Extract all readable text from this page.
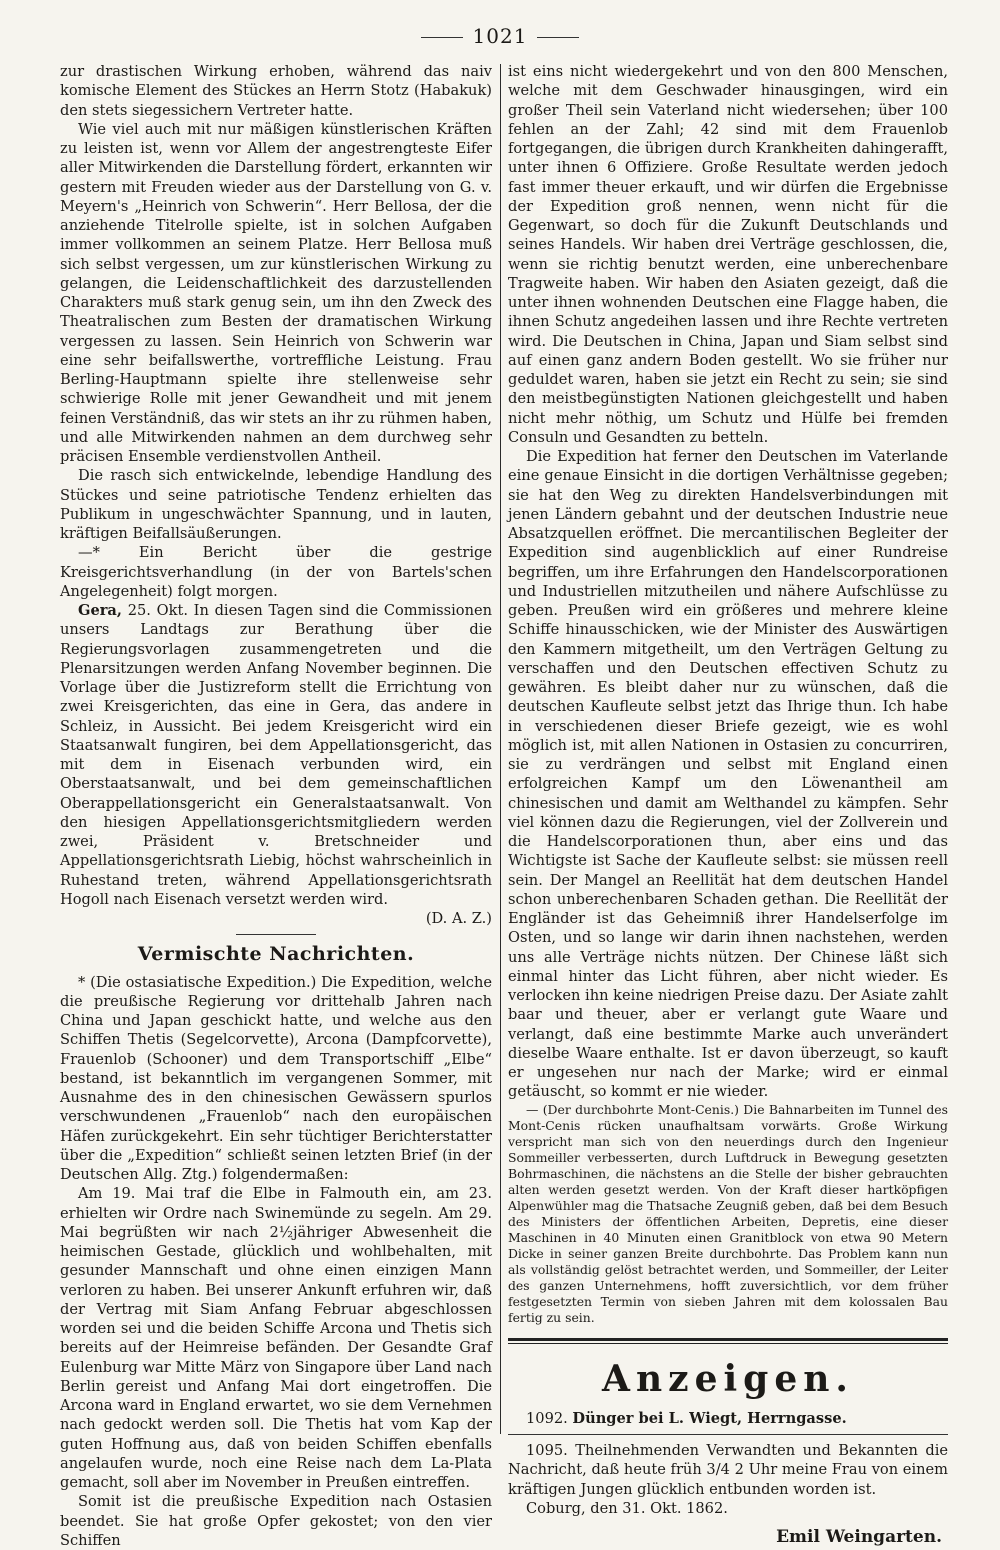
1021

zur drastischen Wirkung erhoben, während das naiv komische Element des Stückes an Herrn Stotz (Habakuk) den stets siegessichern Vertreter hatte.

Wie viel auch mit nur mäßigen künstlerischen Kräften zu leisten ist, wenn vor Allem der angestrengteste Eifer aller Mitwirkenden die Darstellung fördert, erkannten wir gestern mit Freuden wieder aus der Darstellung von G. v. Meyern's „Heinrich von Schwerin“. Herr Bellosa, der die anziehende Titelrolle spielte, ist in solchen Aufgaben immer vollkommen an seinem Platze. Herr Bellosa muß sich selbst vergessen, um zur künstlerischen Wirkung zu gelangen, die Leidenschaftlichkeit des darzustellenden Charakters muß stark genug sein, um ihn den Zweck des Theatralischen zum Besten der dramatischen Wirkung vergessen zu lassen. Sein Heinrich von Schwerin war eine sehr beifallswerthe, vortreffliche Leistung. Frau Berling-Hauptmann spielte ihre stellenweise sehr schwierige Rolle mit jener Gewandheit und mit jenem feinen Verständniß, das wir stets an ihr zu rühmen haben, und alle Mitwirkenden nahmen an dem durchweg sehr präcisen Ensemble verdienstvollen Antheil.

Die rasch sich entwickelnde, lebendige Handlung des Stückes und seine patriotische Tendenz erhielten das Publikum in ungeschwächter Spannung, und in lauten, kräftigen Beifallsäußerungen.

—* Ein Bericht über die gestrige Kreisgerichtsverhandlung (in der von Bartels'schen Angelegenheit) folgt morgen.

Gera, 25. Okt. In diesen Tagen sind die Commissionen unsers Landtags zur Berathung über die Regierungsvorlagen zusammengetreten und die Plenarsitzungen werden Anfang November beginnen. Die Vorlage über die Justizreform stellt die Errichtung von zwei Kreisgerichten, das eine in Gera, das andere in Schleiz, in Aussicht. Bei jedem Kreisgericht wird ein Staatsanwalt fungiren, bei dem Appellationsgericht, das mit dem in Eisenach verbunden wird, ein Oberstaatsanwalt, und bei dem gemeinschaftlichen Oberappellationsgericht ein Generalstaatsanwalt. Von den hiesigen Appellationsgerichtsmitgliedern werden zwei, Präsident v. Bretschneider und Appellationsgerichtsrath Liebig, höchst wahrscheinlich in Ruhestand treten, während Appellationsgerichtsrath Hogoll nach Eisenach versetzt werden wird.

(D. A. Z.)

Vermischte Nachrichten.

* (Die ostasiatische Expedition.) Die Expedition, welche die preußische Regierung vor drittehalb Jahren nach China und Japan geschickt hatte, und welche aus den Schiffen Thetis (Segelcorvette), Arcona (Dampfcorvette), Frauenlob (Schooner) und dem Transportschiff „Elbe“ bestand, ist bekanntlich im vergangenen Sommer, mit Ausnahme des in den chinesischen Gewässern spurlos verschwundenen „Frauenlob“ nach den europäischen Häfen zurückgekehrt. Ein sehr tüchtiger Berichterstatter über die „Expedition“ schließt seinen letzten Brief (in der Deutschen Allg. Ztg.) folgendermaßen:

Am 19. Mai traf die Elbe in Falmouth ein, am 23. erhielten wir Ordre nach Swinemünde zu segeln. Am 29. Mai begrüßten wir nach 2½jähriger Abwesenheit die heimischen Gestade, glücklich und wohlbehalten, mit gesunder Mannschaft und ohne einen einzigen Mann verloren zu haben. Bei unserer Ankunft erfuhren wir, daß der Vertrag mit Siam Anfang Februar abgeschlossen worden sei und die beiden Schiffe Arcona und Thetis sich bereits auf der Heimreise befänden. Der Gesandte Graf Eulenburg war Mitte März von Singapore über Land nach Berlin gereist und Anfang Mai dort eingetroffen. Die Arcona ward in England erwartet, wo sie dem Vernehmen nach gedockt werden soll. Die Thetis hat vom Kap der guten Hoffnung aus, daß von beiden Schiffen ebenfalls angelaufen wurde, noch eine Reise nach dem La-Plata gemacht, soll aber im November in Preußen eintreffen.

Somit ist die preußische Expedition nach Ostasien beendet. Sie hat große Opfer gekostet; von den vier Schiffen

ist eins nicht wiedergekehrt und von den 800 Menschen, welche mit dem Geschwader hinausgingen, wird ein großer Theil sein Vaterland nicht wiedersehen; über 100 fehlen an der Zahl; 42 sind mit dem Frauenlob fortgegangen, die übrigen durch Krankheiten dahingerafft, unter ihnen 6 Offiziere. Große Resultate werden jedoch fast immer theuer erkauft, und wir dürfen die Ergebnisse der Expedition groß nennen, wenn nicht für die Gegenwart, so doch für die Zukunft Deutschlands und seines Handels. Wir haben drei Verträge geschlossen, die, wenn sie richtig benutzt werden, eine unberechenbare Tragweite haben. Wir haben den Asiaten gezeigt, daß die unter ihnen wohnenden Deutschen eine Flagge haben, die ihnen Schutz angedeihen lassen und ihre Rechte vertreten wird. Die Deutschen in China, Japan und Siam selbst sind auf einen ganz andern Boden gestellt. Wo sie früher nur geduldet waren, haben sie jetzt ein Recht zu sein; sie sind den meistbegünstigten Nationen gleichgestellt und haben nicht mehr nöthig, um Schutz und Hülfe bei fremden Consuln und Gesandten zu betteln.

Die Expedition hat ferner den Deutschen im Vaterlande eine genaue Einsicht in die dortigen Verhältnisse gegeben; sie hat den Weg zu direkten Handelsverbindungen mit jenen Ländern gebahnt und der deutschen Industrie neue Absatzquellen eröffnet. Die mercantilischen Begleiter der Expedition sind augenblicklich auf einer Rundreise begriffen, um ihre Erfahrungen den Handelscorporationen und Industriellen mitzutheilen und nähere Aufschlüsse zu geben. Preußen wird ein größeres und mehrere kleine Schiffe hinausschicken, wie der Minister des Auswärtigen den Kammern mitgetheilt, um den Verträgen Geltung zu verschaffen und den Deutschen effectiven Schutz zu gewähren. Es bleibt daher nur zu wünschen, daß die deutschen Kaufleute selbst jetzt das Ihrige thun. Ich habe in verschiedenen dieser Briefe gezeigt, wie es wohl möglich ist, mit allen Nationen in Ostasien zu concurriren, sie zu verdrängen und selbst mit England einen erfolgreichen Kampf um den Löwenantheil am chinesischen und damit am Welthandel zu kämpfen. Sehr viel können dazu die Regierungen, viel der Zollverein und die Handelscorporationen thun, aber eins und das Wichtigste ist Sache der Kaufleute selbst: sie müssen reell sein. Der Mangel an Reellität hat dem deutschen Handel schon unberechenbaren Schaden gethan. Die Reellität der Engländer ist das Geheimniß ihrer Handelserfolge im Osten, und so lange wir darin ihnen nachstehen, werden uns alle Verträge nichts nützen. Der Chinese läßt sich einmal hinter das Licht führen, aber nicht wieder. Es verlocken ihn keine niedrigen Preise dazu. Der Asiate zahlt baar und theuer, aber er verlangt gute Waare und verlangt, daß eine bestimmte Marke auch unverändert dieselbe Waare enthalte. Ist er davon überzeugt, so kauft er ungesehen nur nach der Marke; wird er einmal getäuscht, so kommt er nie wieder.

— (Der durchbohrte Mont-Cenis.) Die Bahnarbeiten im Tunnel des Mont-Cenis rücken unaufhaltsam vorwärts. Große Wirkung verspricht man sich von den neuerdings durch den Ingenieur Sommeiller verbesserten, durch Luftdruck in Bewegung gesetzten Bohrmaschinen, die nächstens an die Stelle der bisher gebrauchten alten werden gesetzt werden. Von der Kraft dieser hartköpfigen Alpenwühler mag die Thatsache Zeugniß geben, daß bei dem Besuch des Ministers der öffentlichen Arbeiten, Depretis, eine dieser Maschinen in 40 Minuten einen Granitblock von etwa 90 Metern Dicke in seiner ganzen Breite durchbohrte. Das Problem kann nun als vollständig gelöst betrachtet werden, und Sommeiller, der Leiter des ganzen Unternehmens, hofft zuversichtlich, vor dem früher festgesetzten Termin von sieben Jahren mit dem kolossalen Bau fertig zu sein.

Anzeigen.

1092. Dünger bei L. Wiegt, Herrngasse.

1095. Theilnehmenden Verwandten und Bekannten die Nachricht, daß heute früh 3/4 2 Uhr meine Frau von einem kräftigen Jungen glücklich entbunden worden ist.

Coburg, den 31. Okt. 1862.

Emil Weingarten.
